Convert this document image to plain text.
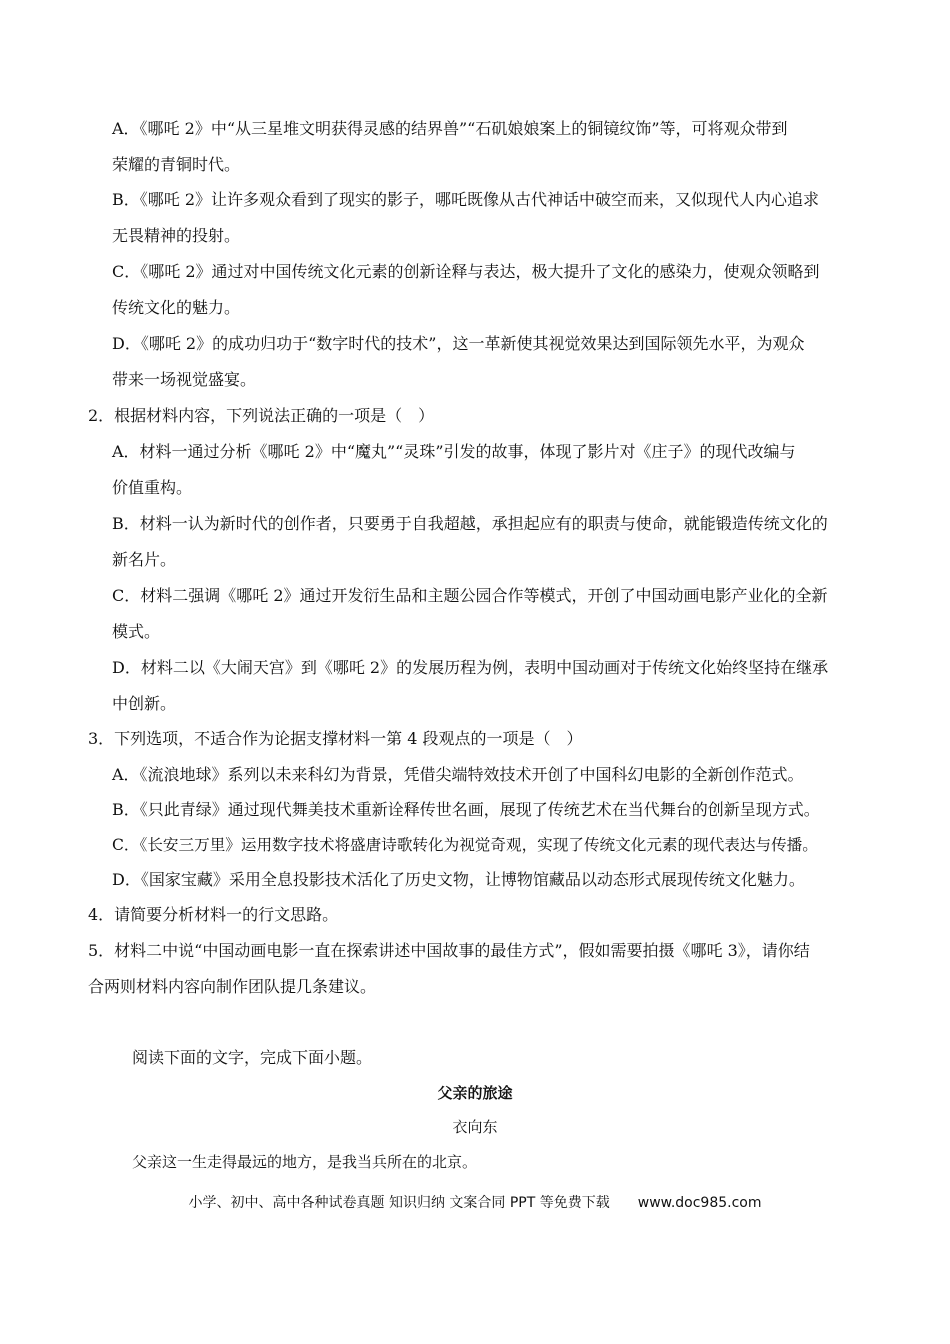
A．《哪吒 2》中“从三星堆文明获得灵感的结界兽”“石矶娘娘案上的铜镜纹饰”等，可将观众带到
荣耀的青铜时代。
B．《哪吒 2》让许多观众看到了现实的影子，哪吒既像从古代神话中破空而来，又似现代人内心追求
无畏精神的投射。
C．《哪吒 2》通过对中国传统文化元素的创新诠释与表达，极大提升了文化的感染力，使观众领略到
传统文化的魅力。
D．《哪吒 2》的成功归功于“数字时代的技术”，这一革新使其视觉效果达到国际领先水平，为观众
带来一场视觉盛宴。
2．根据材料内容，下列说法正确的一项是（　）
A．材料一通过分析《哪吒 2》中“魔丸”“灵珠”引发的故事，体现了影片对《庄子》的现代改编与
价值重构。
B．材料一认为新时代的创作者，只要勇于自我超越，承担起应有的职责与使命，就能锻造传统文化的
新名片。
C．材料二强调《哪吒 2》通过开发衍生品和主题公园合作等模式，开创了中国动画电影产业化的全新
模式。
D．材料二以《大闹天宫》到《哪吒 2》的发展历程为例，表明中国动画对于传统文化始终坚持在继承
中创新。
3．下列选项，不适合作为论据支撑材料一第 4 段观点的一项是（　）
A．《流浪地球》系列以未来科幻为背景，凭借尖端特效技术开创了中国科幻电影的全新创作范式。
B．《只此青绿》通过现代舞美技术重新诠释传世名画，展现了传统艺术在当代舞台的创新呈现方式。
C．《长安三万里》运用数字技术将盛唐诗歌转化为视觉奇观，实现了传统文化元素的现代表达与传播。
D．《国家宝藏》采用全息投影技术活化了历史文物，让博物馆藏品以动态形式展现传统文化魅力。
4．请简要分析材料一的行文思路。
5．材料二中说“中国动画电影一直在探索讲述中国故事的最佳方式”，假如需要拍摄《哪吒 3》，请你结
合两则材料内容向制作团队提几条建议。
阅读下面的文字，完成下面小题。
父亲的旅途
衣向东
父亲这一生走得最远的地方，是我当兵所在的北京。
小学、初中、高中各种试卷真题 知识归纳 文案合同 PPT 等免费下载 www.doc985.com
